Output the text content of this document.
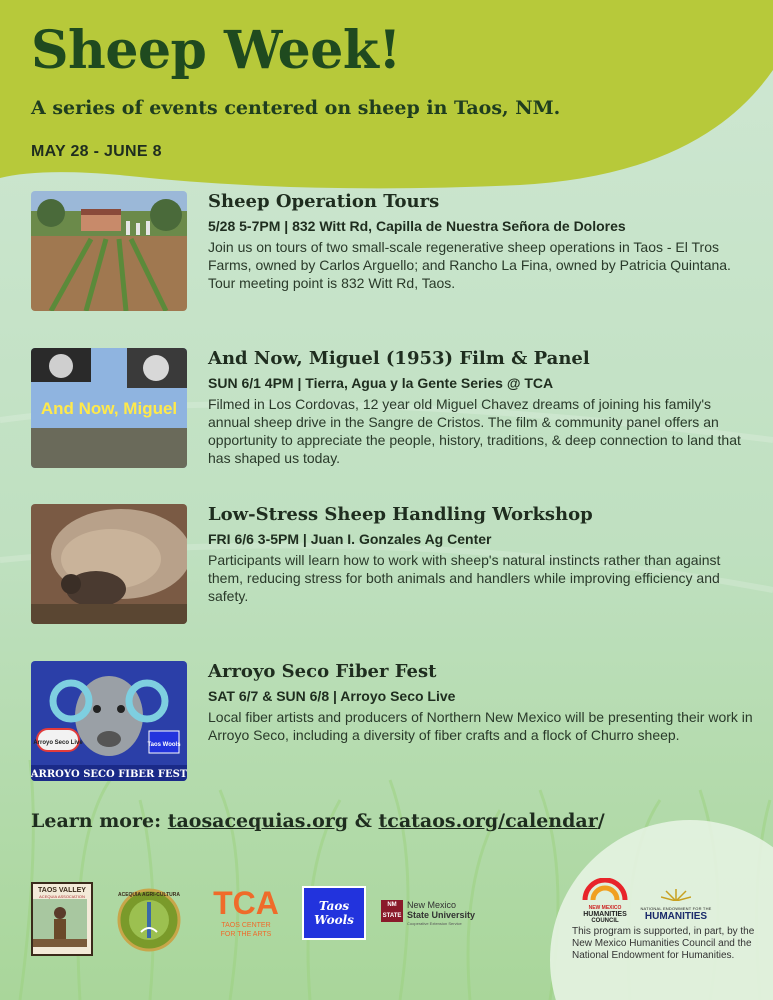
Sheep Week!
A series of events centered on sheep in Taos, NM.
MAY 28 - JUNE 8
Sheep Operation Tours
5/28 5-7PM | 832 Witt Rd, Capilla de Nuestra Señora de Dolores

Join us on tours of two small-scale regenerative sheep operations in Taos - El Tros Farms, owned by Carlos Arguello; and Rancho La Fina, owned by Patricia Quintana. Tour meeting point is 832 Witt Rd, Taos.

And Now, Miguel
And Now, Miguel (1953) Film & Panel
SUN 6/1 4PM | Tierra, Agua y la Gente Series @ TCA

Filmed in Los Cordovas, 12 year old Miguel Chavez dreams of joining his family's annual sheep drive in the Sangre de Cristos. The film & community panel offers an opportunity to appreciate the people, history, traditions, & deep connection to land that has shaped us today.

Low-Stress Sheep Handling Workshop
FRI 6/6 3-5PM | Juan I. Gonzales Ag Center

Participants will learn how to work with sheep's natural instincts rather than against them, reducing stress for both animals and handlers while improving efficiency and safety.

Arroyo Seco Live	Taos Wools
ARROYO SECO FIBER FEST
Arroyo Seco Fiber Fest
SAT 6/7 & SUN 6/8 | Arroyo Seco Live

Local fiber artists and producers of Northern New Mexico will be presenting their work in Arroyo Seco, including a diversity of fiber crafts and a flock of Churro sheep.

Learn more: taosacequias.org & tcataos.org/calendar/
TAOS VALLEY
ACEQUIA ASSOCIATION	ACEQUIA AGRI-CULTURA TCA
TAOS CENTER
FOR THE ARTS
Taos Wools
NM STATE
New Mexico
State University
Cooperative Extension Service
NEW MEXICO
HUMANITIES
COUNCIL
NATIONAL ENDOWMENT FOR THE
HUMANITIES
This program is supported, in part, by the New Mexico Humanities Council and the National Endowment for Humanities.
